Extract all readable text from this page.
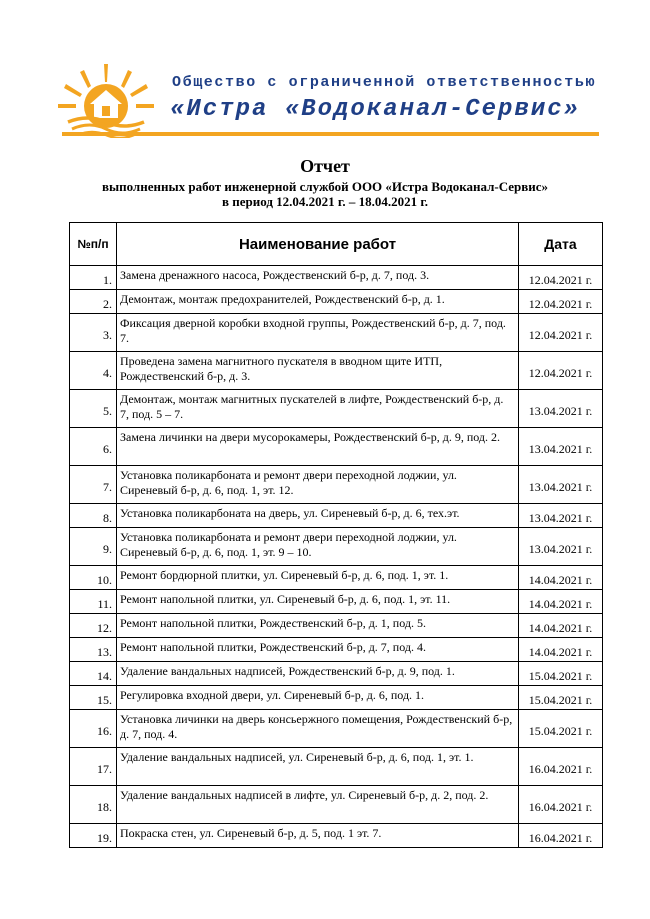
Общество с ограниченной ответственностью
«Истра «Водоканал-Сервис»
Отчет
выполненных работ инженерной службой ООО «Истра Водоканал-Сервис»
в период 12.04.2021 г. – 18.04.2021 г.
№п/п	Наименование работ	Дата
1.	Замена дренажного насоса, Рождественский б-р, д. 7, под. 3.	12.04.2021 г.
2.	Демонтаж, монтаж предохранителей, Рождественский б-р, д. 1.	12.04.2021 г.
3.	Фиксация дверной коробки входной группы, Рождественский б-р, д. 7, под. 7.	12.04.2021 г.
4.	Проведена замена магнитного пускателя в вводном щите ИТП, Рождественский б-р, д. 3.	12.04.2021 г.
5.	Демонтаж, монтаж магнитных пускателей в лифте, Рождественский б-р, д. 7, под. 5 – 7.	13.04.2021 г.
6.	Замена личинки на двери мусорокамеры, Рождественский б-р, д. 9, под. 2.	13.04.2021 г.
7.	Установка поликарбоната и ремонт двери переходной лоджии, ул. Сиреневый б-р, д. 6, под. 1, эт. 12.	13.04.2021 г.
8.	Установка поликарбоната на дверь, ул. Сиреневый б-р, д. 6, тех.эт.	13.04.2021 г.
9.	Установка поликарбоната и ремонт двери переходной лоджии, ул. Сиреневый б-р, д. 6, под. 1, эт. 9 – 10.	13.04.2021 г.
10.	Ремонт бордюрной плитки, ул. Сиреневый б-р, д. 6, под. 1, эт. 1.	14.04.2021 г.
11.	Ремонт напольной плитки, ул. Сиреневый б-р, д. 6, под. 1, эт. 11.	14.04.2021 г.
12.	Ремонт напольной плитки, Рождественский б-р, д. 1, под. 5.	14.04.2021 г.
13.	Ремонт напольной плитки, Рождественский б-р, д. 7, под. 4.	14.04.2021 г.
14.	Удаление вандальных надписей, Рождественский б-р, д. 9, под. 1.	15.04.2021 г.
15.	Регулировка входной двери, ул. Сиреневый б-р, д. 6, под. 1.	15.04.2021 г.
16.	Установка личинки на дверь консьержного помещения, Рождественский б-р, д. 7, под. 4.	15.04.2021 г.
17.	Удаление вандальных надписей, ул. Сиреневый б-р, д. 6, под. 1, эт. 1.	16.04.2021 г.
18.	Удаление вандальных надписей в лифте, ул. Сиреневый б-р, д. 2, под. 2.	16.04.2021 г.
19.	Покраска стен, ул. Сиреневый б-р, д. 5, под. 1 эт. 7.	16.04.2021 г.
